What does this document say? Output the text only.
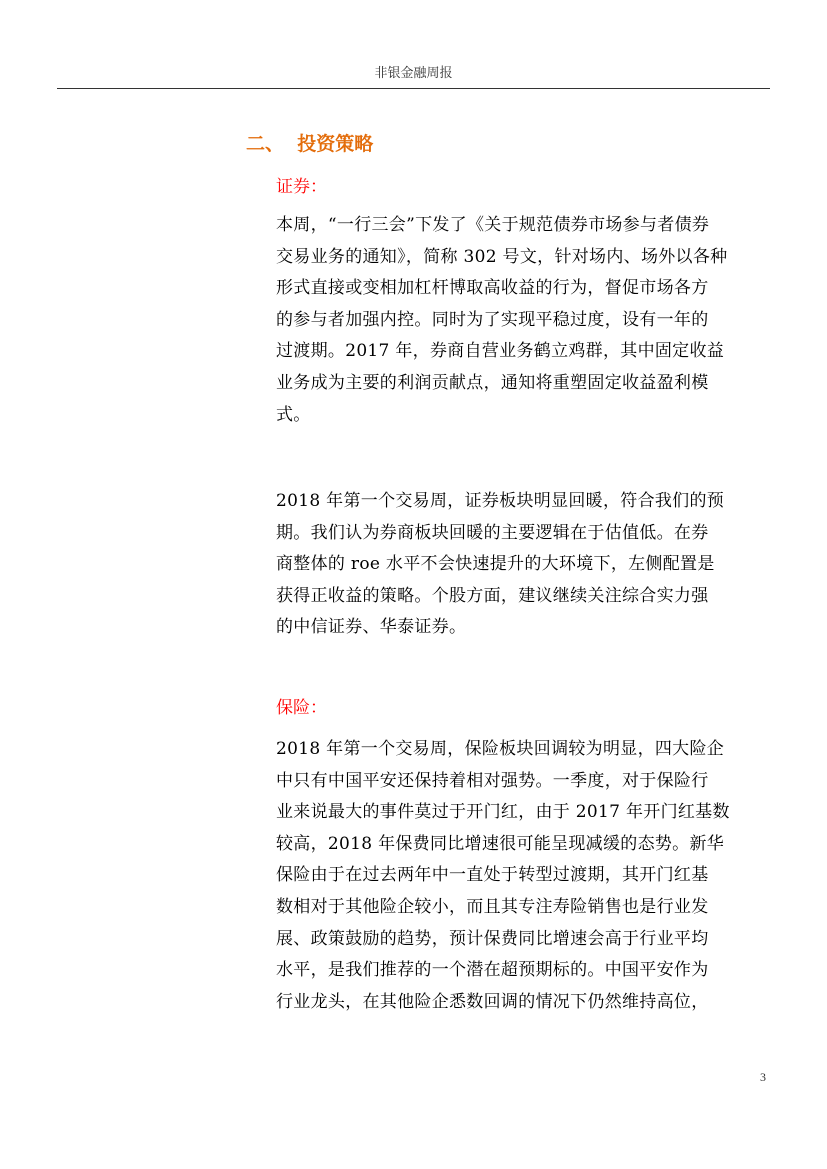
非银金融周报
二、  投资策略
证券：
本周，“一行三会”下发了《关于规范债券市场参与者债券
交易业务的通知》，简称 302 号文，针对场内、场外以各种
形式直接或变相加杠杆博取高收益的行为，督促市场各方
的参与者加强内控。同时为了实现平稳过度，设有一年的
过渡期。2017 年，券商自营业务鹤立鸡群，其中固定收益
业务成为主要的利润贡献点，通知将重塑固定收益盈利模
式。
2018 年第一个交易周，证券板块明显回暖，符合我们的预
期。我们认为券商板块回暖的主要逻辑在于估值低。在券
商整体的 roe 水平不会快速提升的大环境下，左侧配置是
获得正收益的策略。个股方面，建议继续关注综合实力强
的中信证券、华泰证券。
保险：
2018 年第一个交易周，保险板块回调较为明显，四大险企
中只有中国平安还保持着相对强势。一季度，对于保险行
业来说最大的事件莫过于开门红，由于 2017 年开门红基数
较高，2018 年保费同比增速很可能呈现减缓的态势。新华
保险由于在过去两年中一直处于转型过渡期，其开门红基
数相对于其他险企较小，而且其专注寿险销售也是行业发
展、政策鼓励的趋势，预计保费同比增速会高于行业平均
水平，是我们推荐的一个潜在超预期标的。中国平安作为
行业龙头，在其他险企悉数回调的情况下仍然维持高位，
3
